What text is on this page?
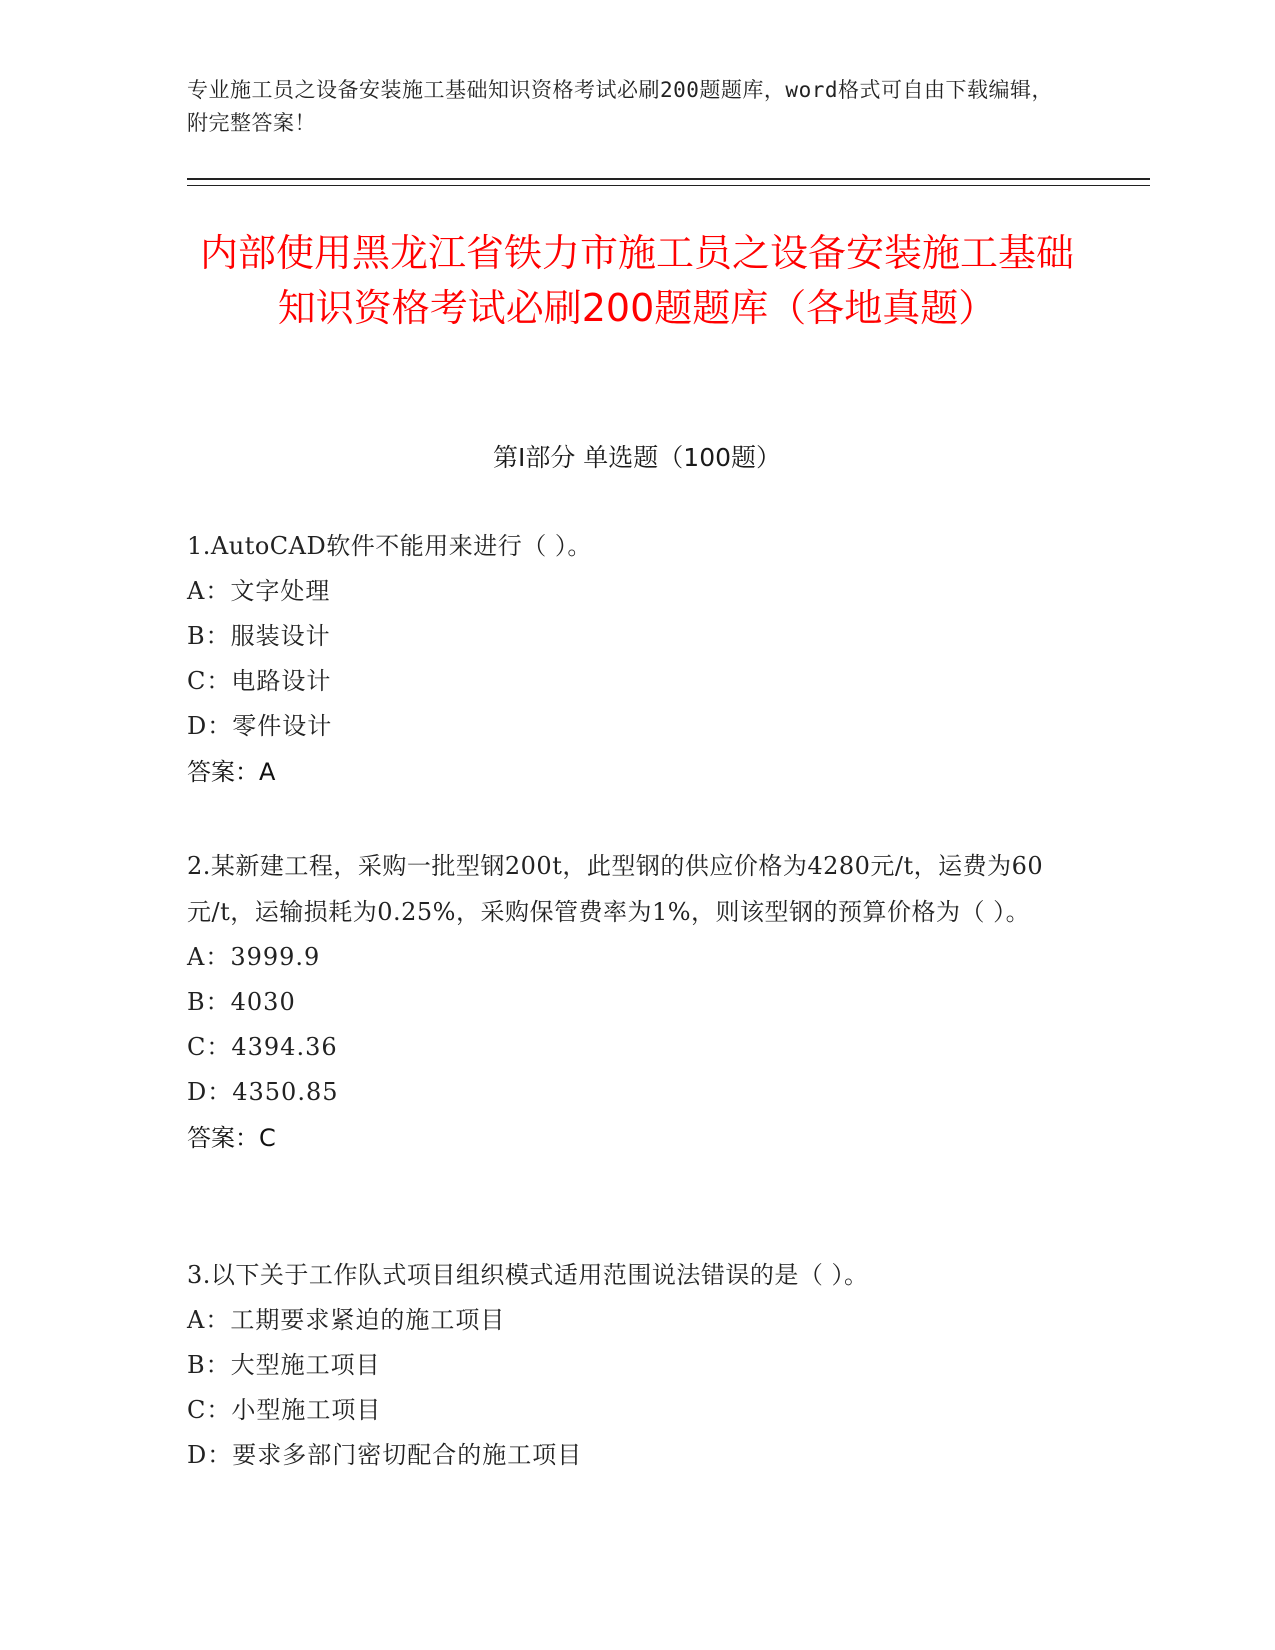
专业施工员之设备安装施工基础知识资格考试必刷200题题库，word格式可自由下载编辑，附完整答案！
内部使用黑龙江省铁力市施工员之设备安装施工基础知识资格考试必刷200题题库（各地真题）
第Ⅰ部分 单选题（100题）
1.AutoCAD软件不能用来进行（ ）。
A：文字处理
B：服装设计
C：电路设计
D：零件设计
答案：A
2.某新建工程，采购一批型钢200t，此型钢的供应价格为4280元/t，运费为60元/t，运输损耗为0.25%，采购保管费率为1%，则该型钢的预算价格为（ ）。
A：3999.9
B：4030
C：4394.36
D：4350.85
答案：C
3.以下关于工作队式项目组织模式适用范围说法错误的是（ ）。
A：工期要求紧迫的施工项目
B：大型施工项目
C：小型施工项目
D：要求多部门密切配合的施工项目
